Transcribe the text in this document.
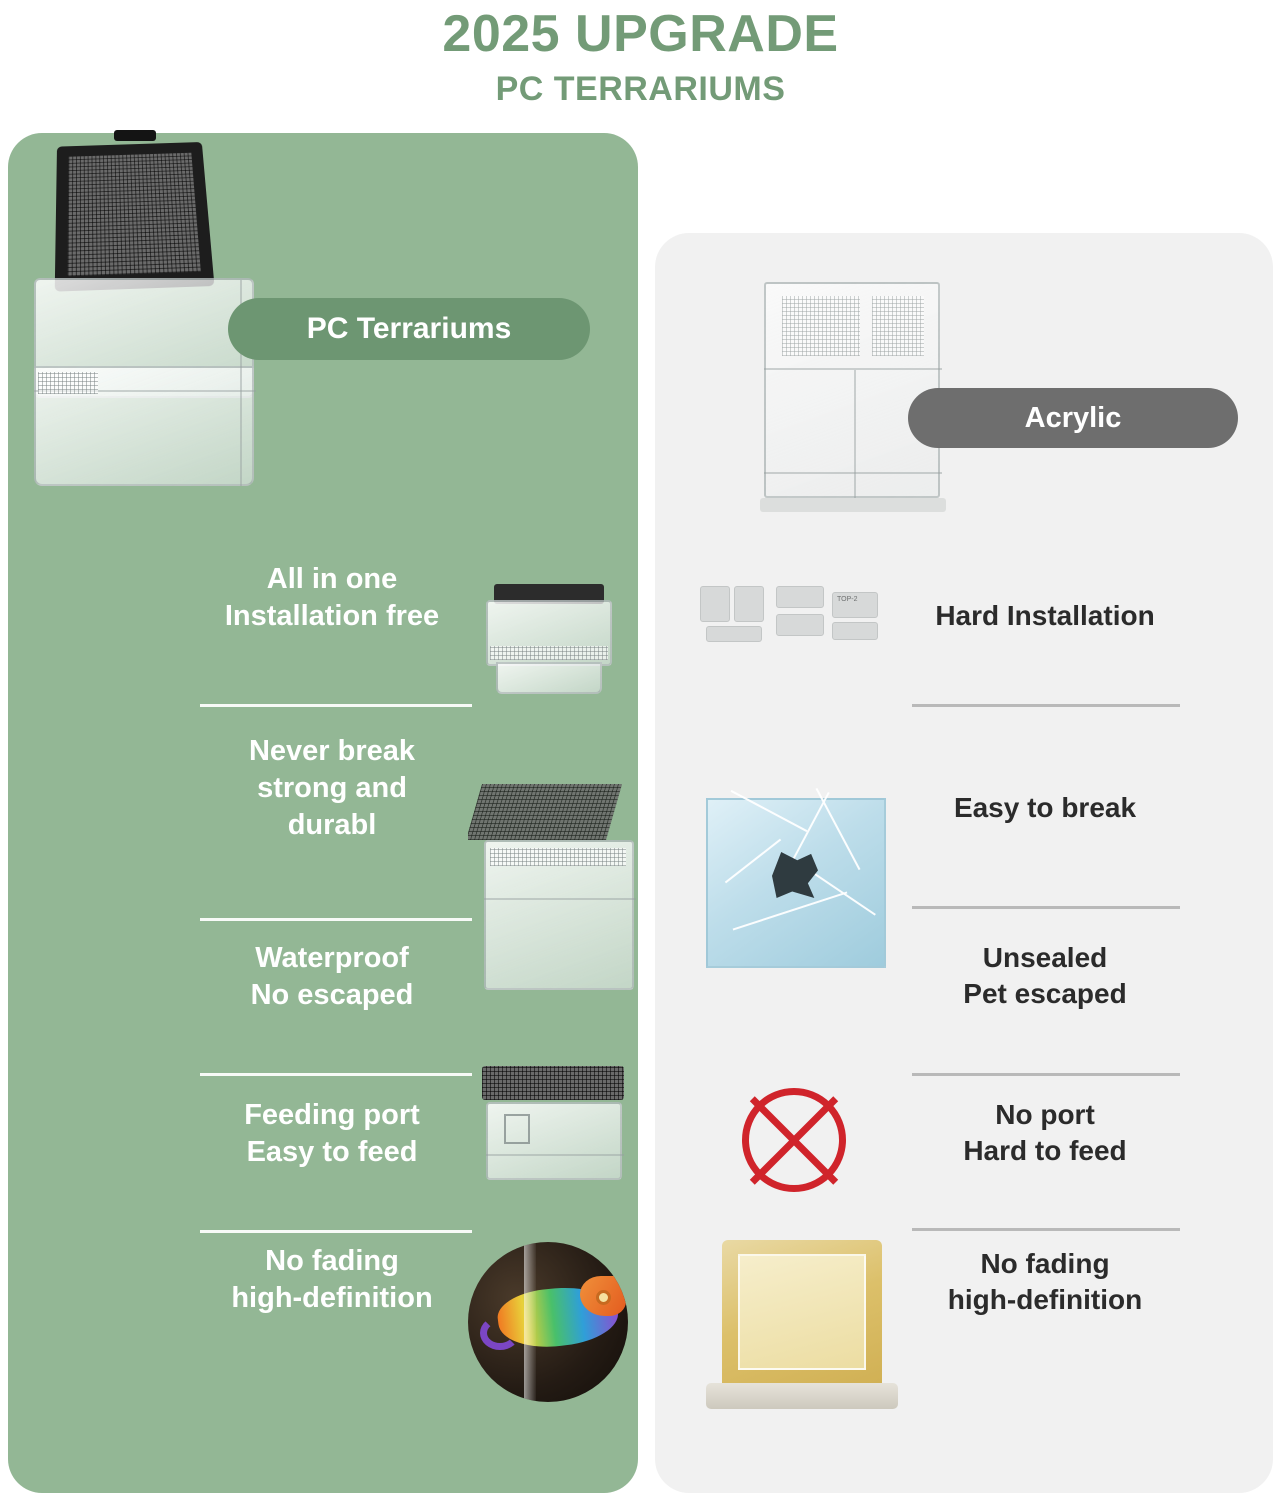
2025 UPGRADE
PC TERRARIUMS
PC Terrariums
All in one
Installation free
Never break
strong and
durabl
Waterproof
No escaped
Feeding port
Easy to feed
No fading
high-definition
Acrylic
TOP-2
Hard Installation
Easy to break
Unsealed
Pet escaped
No port
Hard to feed
No fading
high-definition
